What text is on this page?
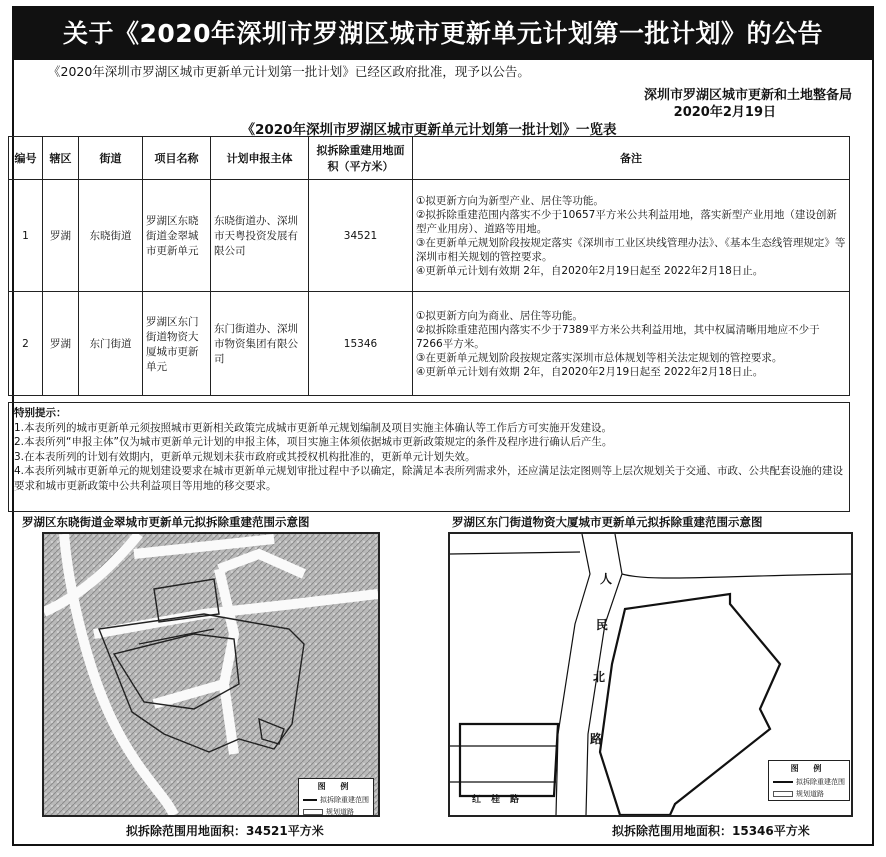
关于《2020年深圳市罗湖区城市更新单元计划第一批计划》的公告
《2020年深圳市罗湖区城市更新单元计划第一批计划》已经区政府批准，现予以公告。
深圳市罗湖区城市更新和土地整备局
2020年2月19日
《2020年深圳市罗湖区城市更新单元计划第一批计划》一览表
编号	辖区	街道	项目名称	计划申报主体	拟拆除重建用地面积（平方米）	备注
1	罗湖	东晓街道	罗湖区东晓街道金翠城市更新单元	东晓街道办、深圳市天粤投资发展有限公司	34521	①拟更新方向为新型产业、居住等功能。
②拟拆除重建范围内落实不少于10657平方米公共利益用地，落实新型产业用地（建设创新型产业用房）、道路等用地。
③在更新单元规划阶段按规定落实《深圳市工业区块线管理办法》、《基本生态线管理规定》等深圳市相关规划的管控要求。
④更新单元计划有效期 2年，自2020年2月19日起至 2022年2月18日止。

2	罗湖	东门街道	罗湖区东门街道物资大厦城市更新单元	东门街道办、深圳市物资集团有限公司	15346	①拟更新方向为商业、居住等功能。
②拟拆除重建范围内落实不少于7389平方米公共利益用地，其中权属清晰用地应不少于7266平方米。
③在更新单元规划阶段按规定落实深圳市总体规划等相关法定规划的管控要求。
④更新单元计划有效期 2年，自2020年2月19日起至 2022年2月18日止。
特别提示：
1.本表所列的城市更新单元须按照城市更新相关政策完成城市更新单元规划编制及项目实施主体确认等工作后方可实施开发建设。
2.本表所列“申报主体”仅为城市更新单元计划的申报主体，项目实施主体须依据城市更新政策规定的条件及程序进行确认后产生。
3.在本表所列的计划有效期内，更新单元规划未获市政府或其授权机构批准的，更新单元计划失效。
4.本表所列城市更新单元的规划建设要求在城市更新单元规划审批过程中予以确定，除满足本表所列需求外，还应满足法定图则等上层次规划关于交通、市政、公共配套设施的建设要求和城市更新政策中公共利益项目等用地的移交要求。
罗湖区东晓街道金翠城市更新单元拟拆除重建范围示意图	罗湖区东门街道物资大厦城市更新单元拟拆除重建范围示意图
图 例
拟拆除重建范围
规划道路
人
民
北
路
红桂路
图 例
拟拆除重建范围
规划道路
拟拆除范围用地面积：34521平方米	拟拆除范围用地面积：15346平方米
